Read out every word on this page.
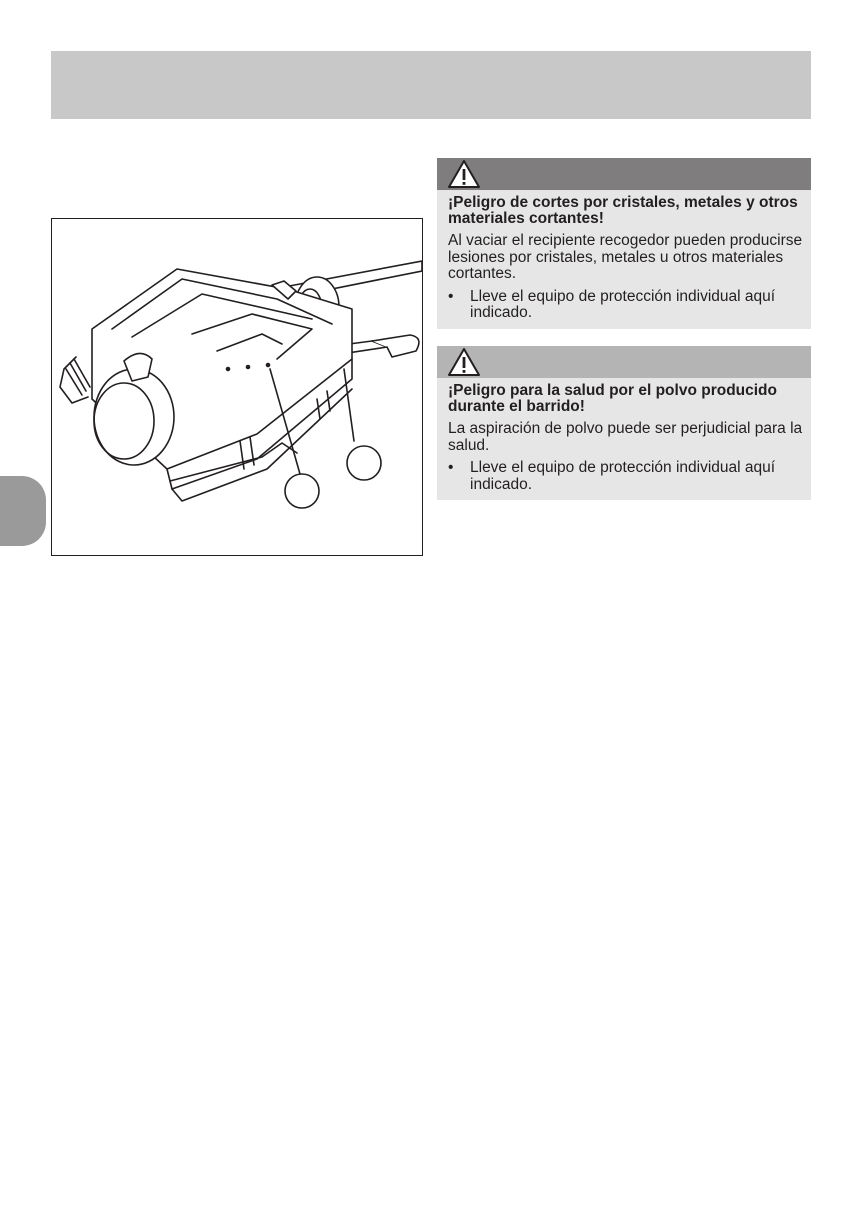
¡Peligro de cortes por cristales, metales y otros materiales cortantes!

Al vaciar el recipiente recogedor pueden producirse lesiones por cristales, metales u otros materiales cortantes.

• Lleve el equipo de protección individual aquí indicado.

¡Peligro para la salud por el polvo producido durante el barrido!

La aspiración de polvo puede ser perjudicial para la salud.

• Lleve el equipo de protección individual aquí indicado.
